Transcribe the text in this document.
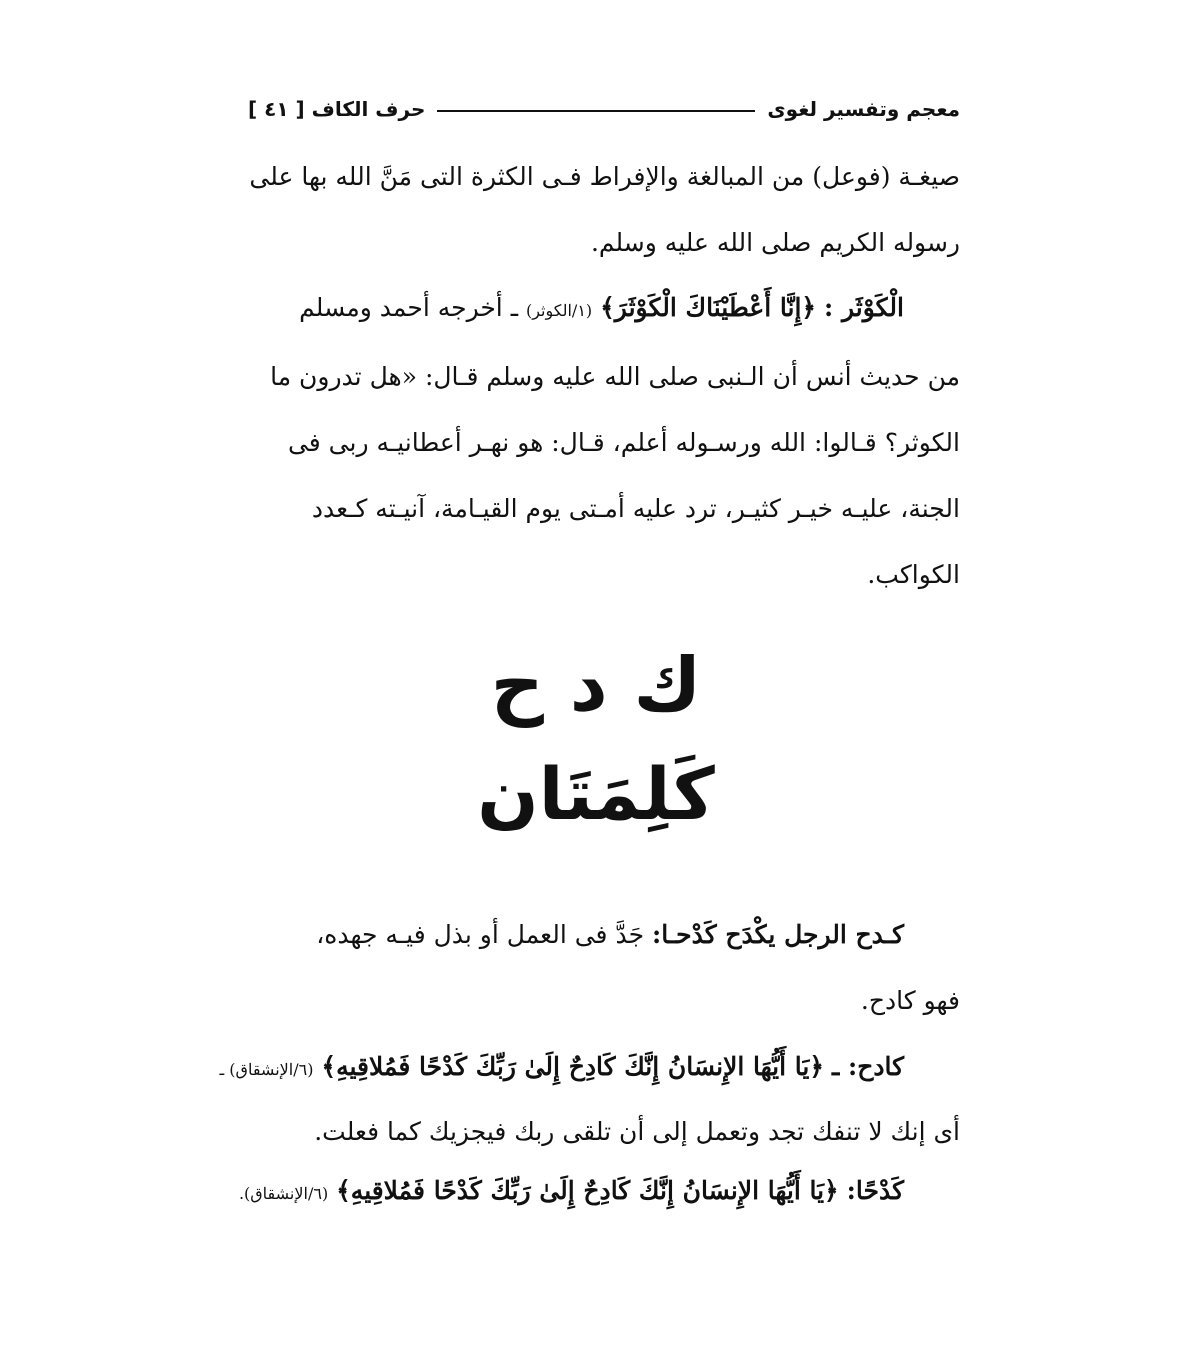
معجم وتفسير لغوى
حرف الكاف [ ٤١ ]
صيغـة (فوعل) من المبالغة والإفراط فـى الكثرة التى مَنَّ الله بها على
رسوله الكريم صلى الله عليه وسلم.
الْكَوْثَر : ﴿إِنَّا أَعْطَيْنَاكَ الْكَوْثَرَ﴾ (١/الكوثر) ـ أخرجه أحمد ومسلم
من حديث أنس أن الـنبى صلى الله عليه وسلم قـال: «هل تدرون ما
الكوثر؟ قـالوا: الله ورسـوله أعلم، قـال: هو نهـر أعطانيـه ربى فى
الجنة، عليـه خيـر كثيـر، ترد عليه أمـتى يوم القيـامة، آنيـته كـعدد
الكواكب.
ك د ح
كَلِمَتَان
كـدح الرجل يكْدَح كَدْحـا: جَدَّ فى العمل أو بذل فيـه جهده،
فهو كادح.
كادح: ـ ﴿يَا أَيُّهَا الإِنسَانُ إِنَّكَ كَادِحٌ إِلَىٰ رَبِّكَ كَدْحًا فَمُلاقِيهِ﴾ (٦/الإنشقاق) ـ
أى إنك لا تنفك تجد وتعمل إلى أن تلقى ربك فيجزيك كما فعلت.
كَدْحًا: ﴿يَا أَيُّهَا الإِنسَانُ إِنَّكَ كَادِحٌ إِلَىٰ رَبِّكَ كَدْحًا فَمُلاقِيهِ﴾ (٦/الإنشقاق).
